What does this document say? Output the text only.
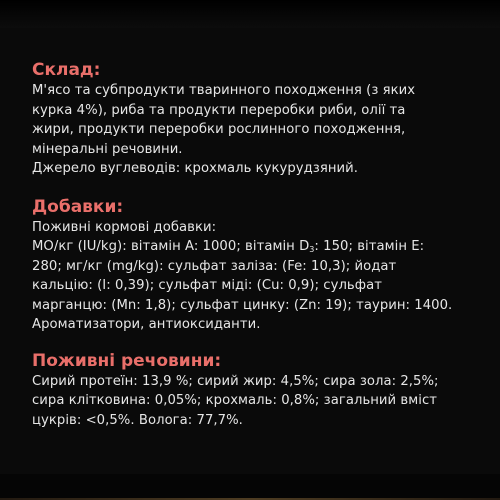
Склад:

М'ясо та субпродукти тваринного походження (з яких
курка 4%), риба та продукти переробки риби, олії та
жири, продукти переробки рослинного походження,
мінеральні речовини.
Джерело вуглеводів: крохмаль кукурудзяний.

Добавки:

Поживні кормові добавки:
МО/кг (IU/kg): вітамін A: 1000; вітамін $D_3$: 150; вітамін E:
280; мг/кг (mg/kg): сульфат заліза: (Fe: 10,3); йодат
кальцію: (I: 0,39); сульфат міді: (Cu: 0,9); сульфат
марганцю: (Mn: 1,8); сульфат цинку: (Zn: 19); таурин: 1400.
Ароматизатори, антиоксиданти.

Поживні речовини:

Сирий протеїн: 13,9 %; сирий жир: 4,5%; сира зола: 2,5%;
сира клітковина: 0,05%; крохмаль: 0,8%; загальний вміст
цукрів: <0,5%. Волога: 77,7%.
